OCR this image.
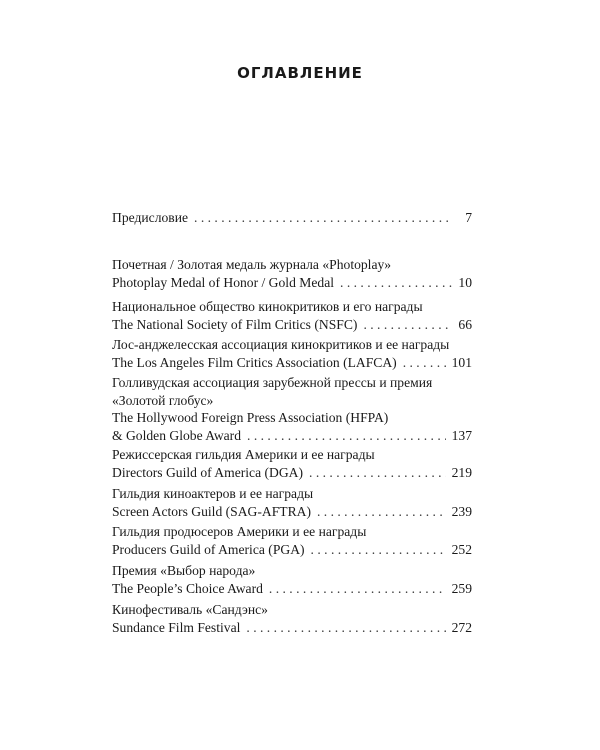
ОГЛАВЛЕНИЕ
Предисловие . . .	7
Почетная / Золотая медаль журнала «Photoplay»
Photoplay Medal of Honor / Gold Medal . . .	10
Национальное общество кинокритиков и его награды
The National Society of Film Critics (NSFC) . . .	66
Лос-анджелесская ассоциация кинокритиков и ее награды
The Los Angeles Film Critics Association (LAFCA) . . .	101
Голливудская ассоциация зарубежной прессы и премия
«Золотой глобус»
The Hollywood Foreign Press Association (HFPA)
& Golden Globe Award . . .	137
Режиссерская гильдия Америки и ее награды
Directors Guild of America (DGA) . . .	219
Гильдия киноактеров и ее награды
Screen Actors Guild (SAG-AFTRA) . . .	239
Гильдия продюсеров Америки и ее награды
Producers Guild of America (PGA) . . .	252
Премия «Выбор народа»
The People’s Choice Award . . .	259
Кинофестиваль «Сандэнс»
Sundance Film Festival . . .	272
